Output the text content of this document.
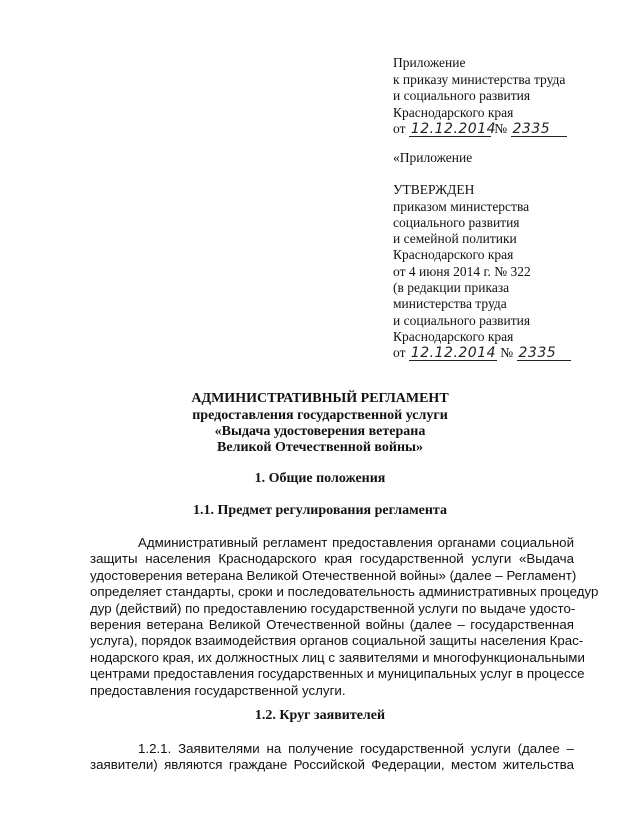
Приложение
к приказу министерства труда
и социального развития
Краснодарского края
от 12.12.2014 № 2335
«Приложение
УТВЕРЖДЕН
приказом министерства
социального развития
и семейной политики
Краснодарского края
от 4 июня 2014 г. № 322
(в редакции приказа
министерства труда
и социального развития
Краснодарского края
от 12.12.2014 № 2335
АДМИНИСТРАТИВНЫЙ РЕГЛАМЕНТ
предоставления государственной услуги
«Выдача удостоверения ветерана
Великой Отечественной войны»
1. Общие положения
1.1. Предмет регулирования регламента
Административный регламент предоставления органами социальной
защиты населения Краснодарского края государственной услуги «Выдача
удостоверения ветерана Великой Отечественной войны» (далее – Регламент)
определяет стандарты, сроки и последовательность административных процедур
дур (действий) по предоставлению государственной услуги по выдаче удосто-
верения ветерана Великой Отечественной войны (далее – государственная
услуга), порядок взаимодействия органов социальной защиты населения Крас-
нодарского края, их должностных лиц с заявителями и многофункциональными
центрами предоставления государственных и муниципальных услуг в процессе
предоставления государственной услуги.
1.2. Круг заявителей
1.2.1. Заявителями на получение государственной услуги (далее –
заявители) являются граждане Российской Федерации, местом жительства
